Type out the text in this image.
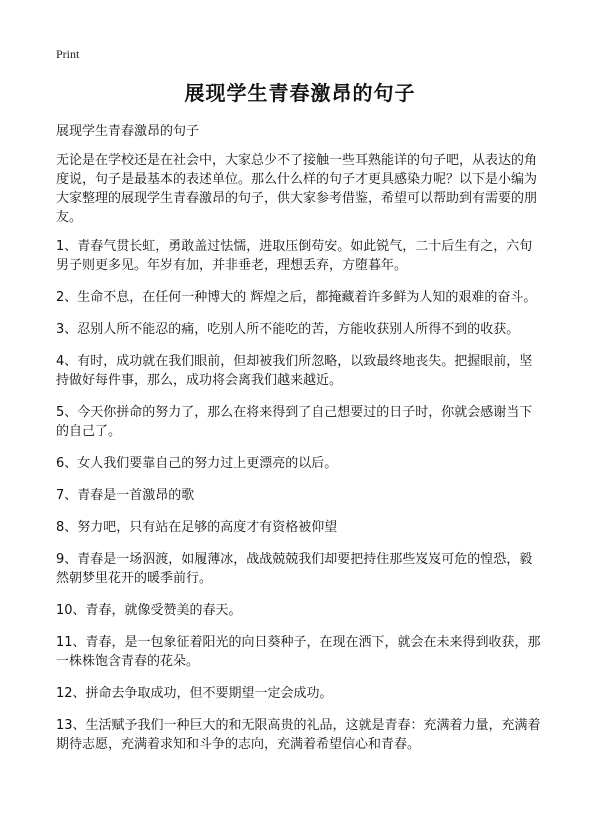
Print
展现学生青春激昂的句子

展现学生青春激昂的句子

无论是在学校还是在社会中，大家总少不了接触一些耳熟能详的句子吧，从表达的角度说，句子是最基本的表述单位。那么什么样的句子才更具感染力呢？以下是小编为大家整理的展现学生青春激昂的句子，供大家参考借鉴，希望可以帮助到有需要的朋友。

1、青春气贯长虹，勇敢盖过怯懦，进取压倒苟安。如此锐气，二十后生有之，六旬男子则更多见。年岁有加，并非垂老，理想丢弃，方堕暮年。
2、生命不息，在任何一种博大的 辉煌之后，都掩藏着许多鲜为人知的艰难的奋斗。
3、忍别人所不能忍的痛，吃别人所不能吃的苦，方能收获别人所得不到的收获。
4、有时，成功就在我们眼前，但却被我们所忽略，以致最终地丧失。把握眼前，坚持做好每件事，那么，成功将会离我们越来越近。
5、今天你拼命的努力了，那么在将来得到了自己想要过的日子时，你就会感谢当下的自己了。
6、女人我们要靠自己的努力过上更漂亮的以后。
7、青春是一首激昂的歌
8、努力吧，只有站在足够的高度才有资格被仰望
9、青春是一场泅渡，如履薄冰，战战兢兢我们却要把持住那些岌岌可危的惶恐，毅然朝梦里花开的暖季前行。
10、青春，就像受赞美的春天。
11、青春，是一包象征着阳光的向日葵种子，在现在洒下，就会在未来得到收获，那一株株饱含青春的花朵。
12、拼命去争取成功，但不要期望一定会成功。
13、生活赋予我们一种巨大的和无限高贵的礼品，这就是青春：充满着力量，充满着期待志愿，充满着求知和斗争的志向，充满着希望信心和青春。
